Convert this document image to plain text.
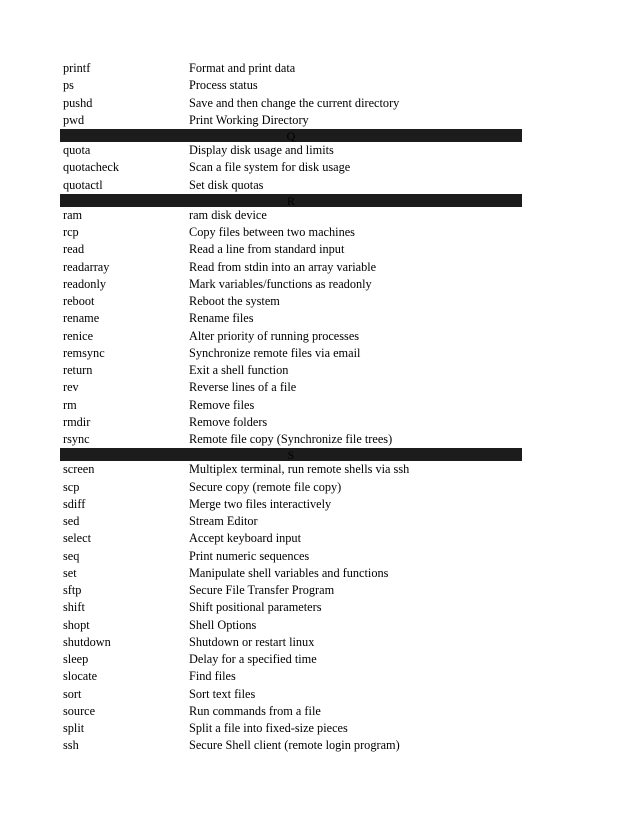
printf	Format and print data
ps	Process status
pushd	Save and then change the current directory
pwd	Print Working Directory
Q
quota	Display disk usage and limits
quotacheck	Scan a file system for disk usage
quotactl	Set disk quotas
R
ram	ram disk device
rcp	Copy files between two machines
read	Read a line from standard input
readarray	Read from stdin into an array variable
readonly	Mark variables/functions as readonly
reboot	Reboot the system
rename	Rename files
renice	Alter priority of running processes
remsync	Synchronize remote files via email
return	Exit a shell function
rev	Reverse lines of a file
rm	Remove files
rmdir	Remove folders
rsync	Remote file copy (Synchronize file trees)
S
screen	Multiplex terminal, run remote shells via ssh
scp	Secure copy (remote file copy)
sdiff	Merge two files interactively
sed	Stream Editor
select	Accept keyboard input
seq	Print numeric sequences
set	Manipulate shell variables and functions
sftp	Secure File Transfer Program
shift	Shift positional parameters
shopt	Shell Options
shutdown	Shutdown or restart linux
sleep	Delay for a specified time
slocate	Find files
sort	Sort text files
source	Run commands from a file
split	Split a file into fixed-size pieces
ssh	Secure Shell client (remote login program)
